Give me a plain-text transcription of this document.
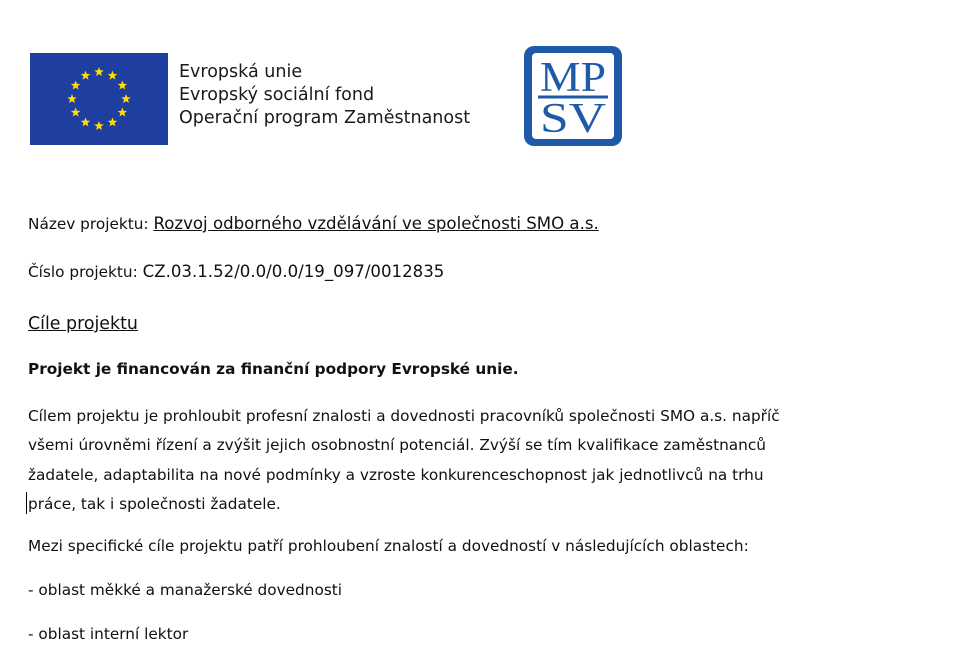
Evropská unie
Evropský sociální fond
Operační program Zaměstnanost
MP
SV
Název projektu: Rozvoj odborného vzdělávání ve společnosti SMO a.s.
Číslo projektu: CZ.03.1.52/0.0/0.0/19_097/0012835
Cíle projektu
Projekt je financován za finanční podpory Evropské unie.
Cílem projektu je prohloubit profesní znalosti a dovednosti pracovníků společnosti SMO a.s. napříč
všemi úrovněmi řízení a zvýšit jejich osobnostní potenciál. Zvýší se tím kvalifikace zaměstnanců
žadatele, adaptabilita na nové podmínky a vzroste konkurenceschopnost jak jednotlivců na trhu
práce, tak i společnosti žadatele.
Mezi specifické cíle projektu patří prohloubení znalostí a dovedností v následujících oblastech:
- oblast měkké a manažerské dovednosti
- oblast interní lektor
